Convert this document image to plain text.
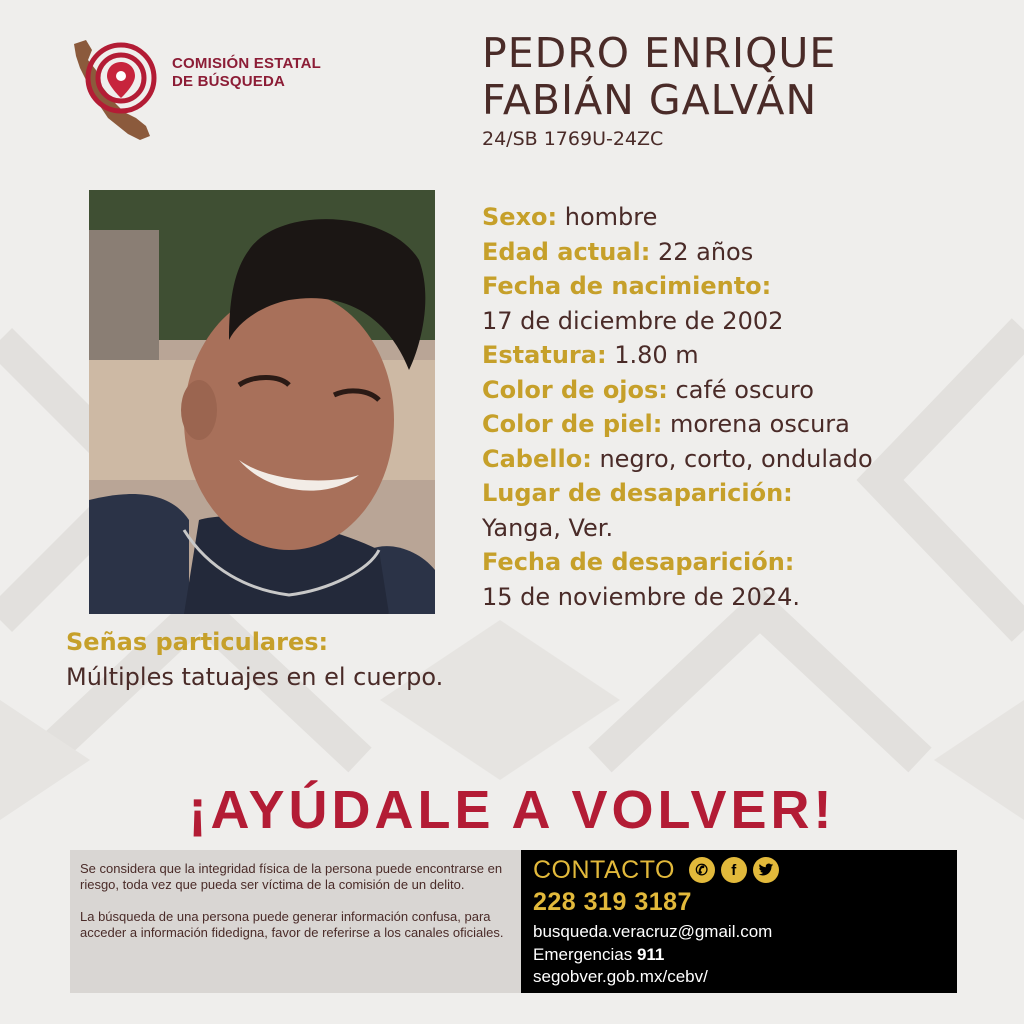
COMISIÓN ESTATAL
DE BÚSQUEDA
PEDRO ENRIQUE
FABIÁN GALVÁN
24/SB 1769U-24ZC
Sexo: hombre
Edad actual: 22 años
Fecha de nacimiento:
17 de diciembre de 2002
Estatura: 1.80 m
Color de ojos: café oscuro
Color de piel: morena oscura
Cabello: negro, corto, ondulado
Lugar de desaparición:
Yanga, Ver.
Fecha de desaparición:
15 de noviembre de 2024.
Señas particulares:
Múltiples tatuajes en el cuerpo.
¡AYÚDALE A VOLVER!

Se considera que la integridad física de la persona puede encontrarse en riesgo, toda vez que pueda ser víctima de la comisión de un delito.

La búsqueda de una persona puede generar información confusa, para acceder a información fidedigna, favor de referirse a los canales oficiales.

CONTACTO	✆	f
228 319 3187
busqueda.veracruz@gmail.com
Emergencias 911
segobver.gob.mx/cebv/
